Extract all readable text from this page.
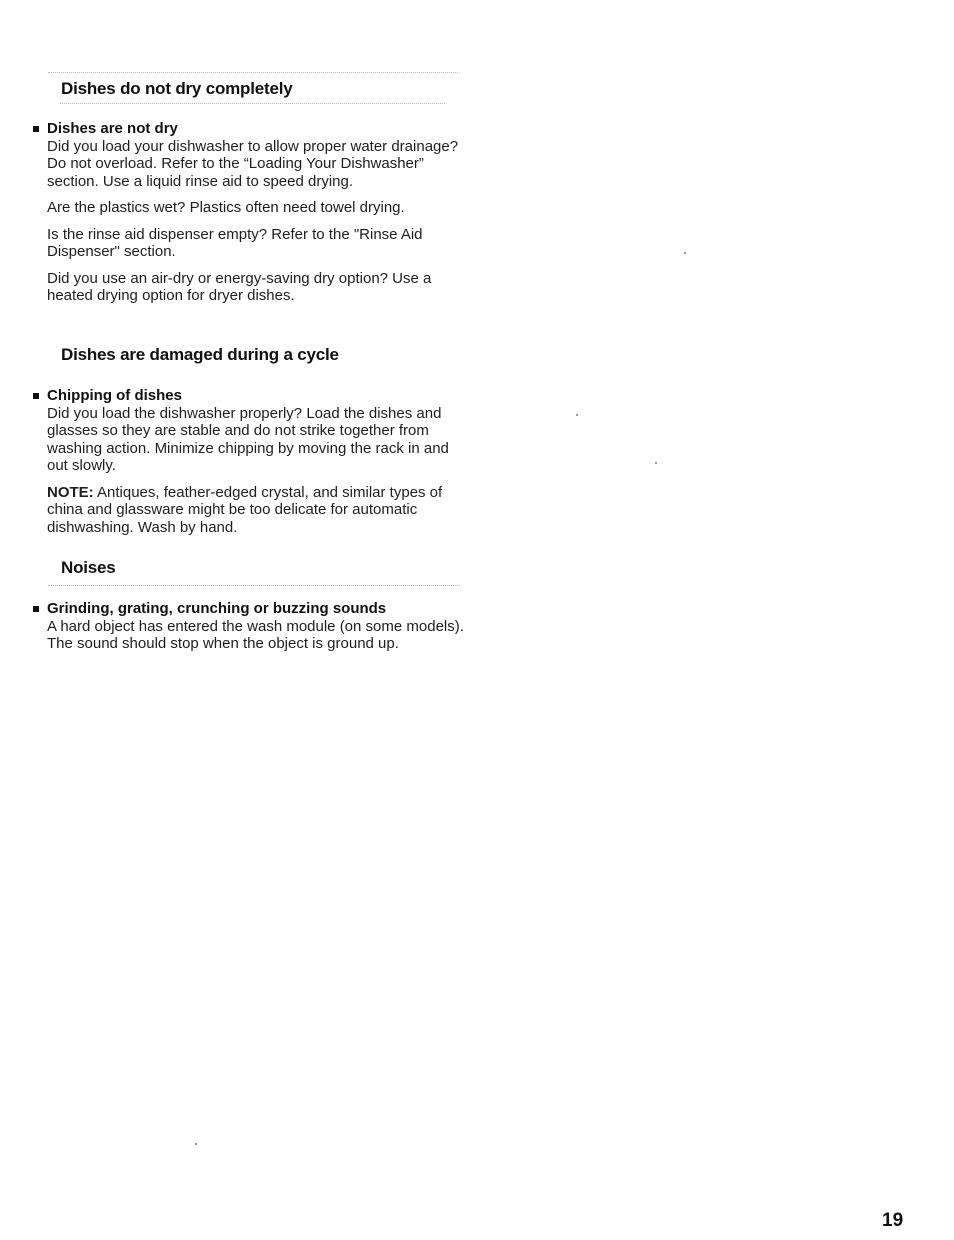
Dishes do not dry completely

Dishes are not dry

Did you load your dishwasher to allow proper water drainage? Do not overload. Refer to the “Loading Your Dishwasher” section. Use a liquid rinse aid to speed drying.

Are the plastics wet? Plastics often need towel drying.

Is the rinse aid dispenser empty? Refer to the "Rinse Aid Dispenser" section.

Did you use an air-dry or energy-saving dry option? Use a heated drying option for dryer dishes.

Dishes are damaged during a cycle

Chipping of dishes

Did you load the dishwasher properly? Load the dishes and glasses so they are stable and do not strike together from washing action. Minimize chipping by moving the rack in and out slowly.

NOTE: Antiques, feather-edged crystal, and similar types of china and glassware might be too delicate for automatic dishwashing. Wash by hand.

Noises

Grinding, grating, crunching or buzzing sounds

A hard object has entered the wash module (on some models). The sound should stop when the object is ground up.

19
